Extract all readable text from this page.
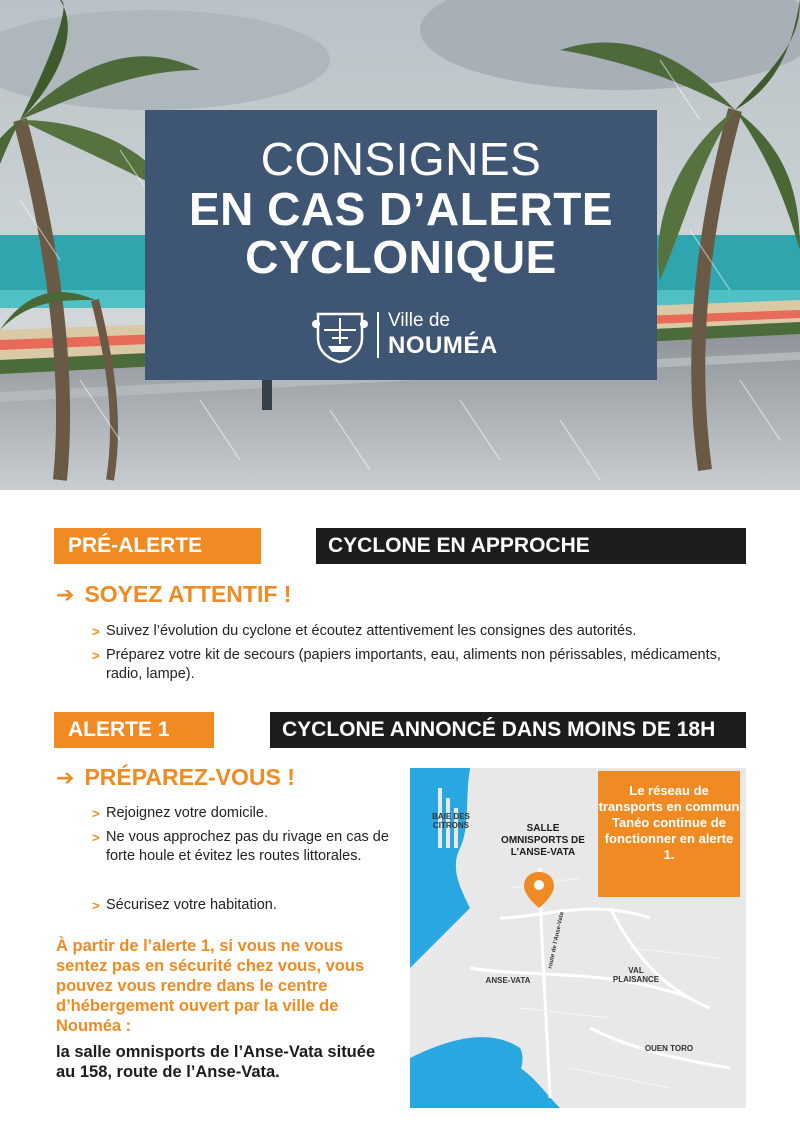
CONSIGNES
EN CAS D’ALERTE
CYCLONIQUE
Ville de
NOUMÉA
PRÉ-ALERTE	CYCLONE EN APPROCHE
➔ SOYEZ ATTENTIF !
> Suivez l’évolution du cyclone et écoutez attentivement les consignes des autorités.
> Préparez votre kit de secours (papiers importants, eau, aliments non périssables, médicaments, radio, lampe).
ALERTE 1	CYCLONE ANNONCÉ DANS MOINS DE 18H
➔ PRÉPAREZ-VOUS !
> Rejoignez votre domicile.
> Ne vous approchez pas du rivage en cas de forte houle et évitez les routes littorales.
> Sécurisez votre habitation.
À partir de l’alerte 1, si vous ne vous sentez pas en sécurité chez vous, vous pouvez vous rendre dans le centre d’hébergement ouvert par la ville de Nouméa :
la salle omnisports de l’Anse-Vata située au 158, route de l’Anse-Vata.
BAIE DES CITRONS	SALLE OMNISPORTS DE L’ANSE-VATA
ANSE-VATA
VAL PLAISANCE
OUEN TORO
route de l’Anse-Vata
Le réseau de transports en commun Tanéo continue de fonctionner en alerte 1.
